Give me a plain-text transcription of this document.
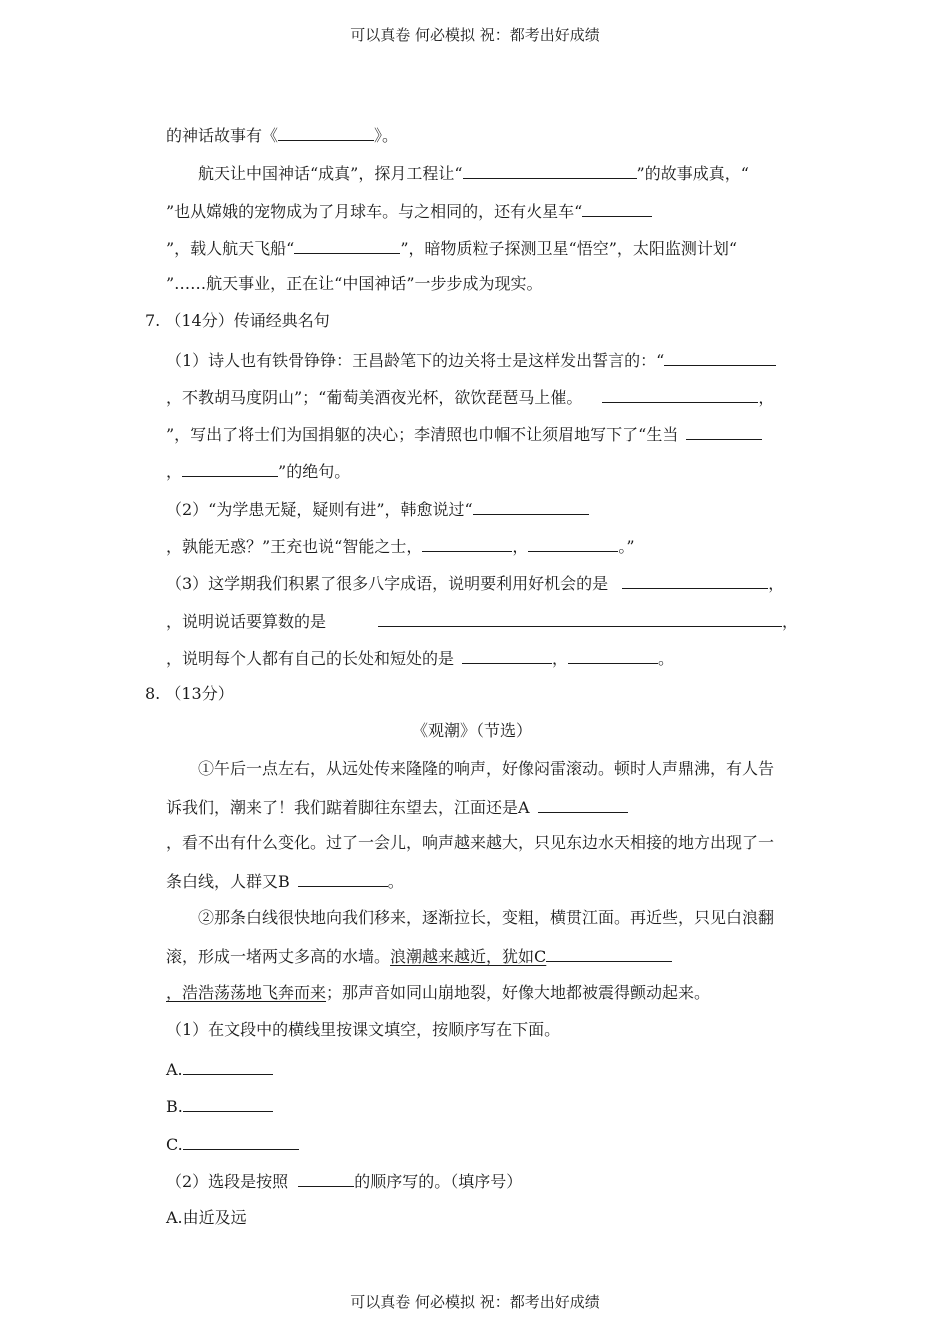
可以真卷 何必模拟 祝：都考出好成绩
的神话故事有《	》。
航天让中国神话“成真”，探月工程让“	”的故事成真，“
”也从嫦娥的宠物成为了月球车。与之相同的，还有火星车“
”，载人航天飞船“	”，暗物质粒子探测卫星“悟空”，太阳监测计划“
”……航天事业，正在让“中国神话”一步步成为现实。
7. （14分）传诵经典名句
（1）诗人也有铁骨铮铮：王昌龄笔下的边关将士是这样发出誓言的：“
，不教胡马度阴山”；“葡萄美酒夜光杯，欲饮琵琶马上催。	，
”，写出了将士们为国捐躯的决心；李清照也巾帼不让须眉地写下了“生当
，	”的绝句。
（2）“为学患无疑，疑则有进”，韩愈说过“
，孰能无惑？”王充也说“智能之士，	，	。”
（3）这学期我们积累了很多八字成语，说明要利用好机会的是	，
，说明说话要算数的是	，
，说明每个人都有自己的长处和短处的是	，	。
8. （13分）
《观潮》（节选）
①午后一点左右，从远处传来隆隆的响声，好像闷雷滚动。顿时人声鼎沸，有人告
诉我们，潮来了！我们踮着脚往东望去，江面还是A
，看不出有什么变化。过了一会儿，响声越来越大，只见东边水天相接的地方出现了一
条白线，人群又B	。
②那条白线很快地向我们移来，逐渐拉长，变粗，横贯江面。再近些，只见白浪翻
滚，形成一堵两丈多高的水墙。浪潮越来越近，犹如C
，浩浩荡荡地飞奔而来；那声音如同山崩地裂，好像大地都被震得颤动起来。
（1）在文段中的横线里按课文填空，按顺序写在下面。
A.
B.
C.
（2）选段是按照	的顺序写的。（填序号）
A.由近及远
可以真卷 何必模拟 祝：都考出好成绩
